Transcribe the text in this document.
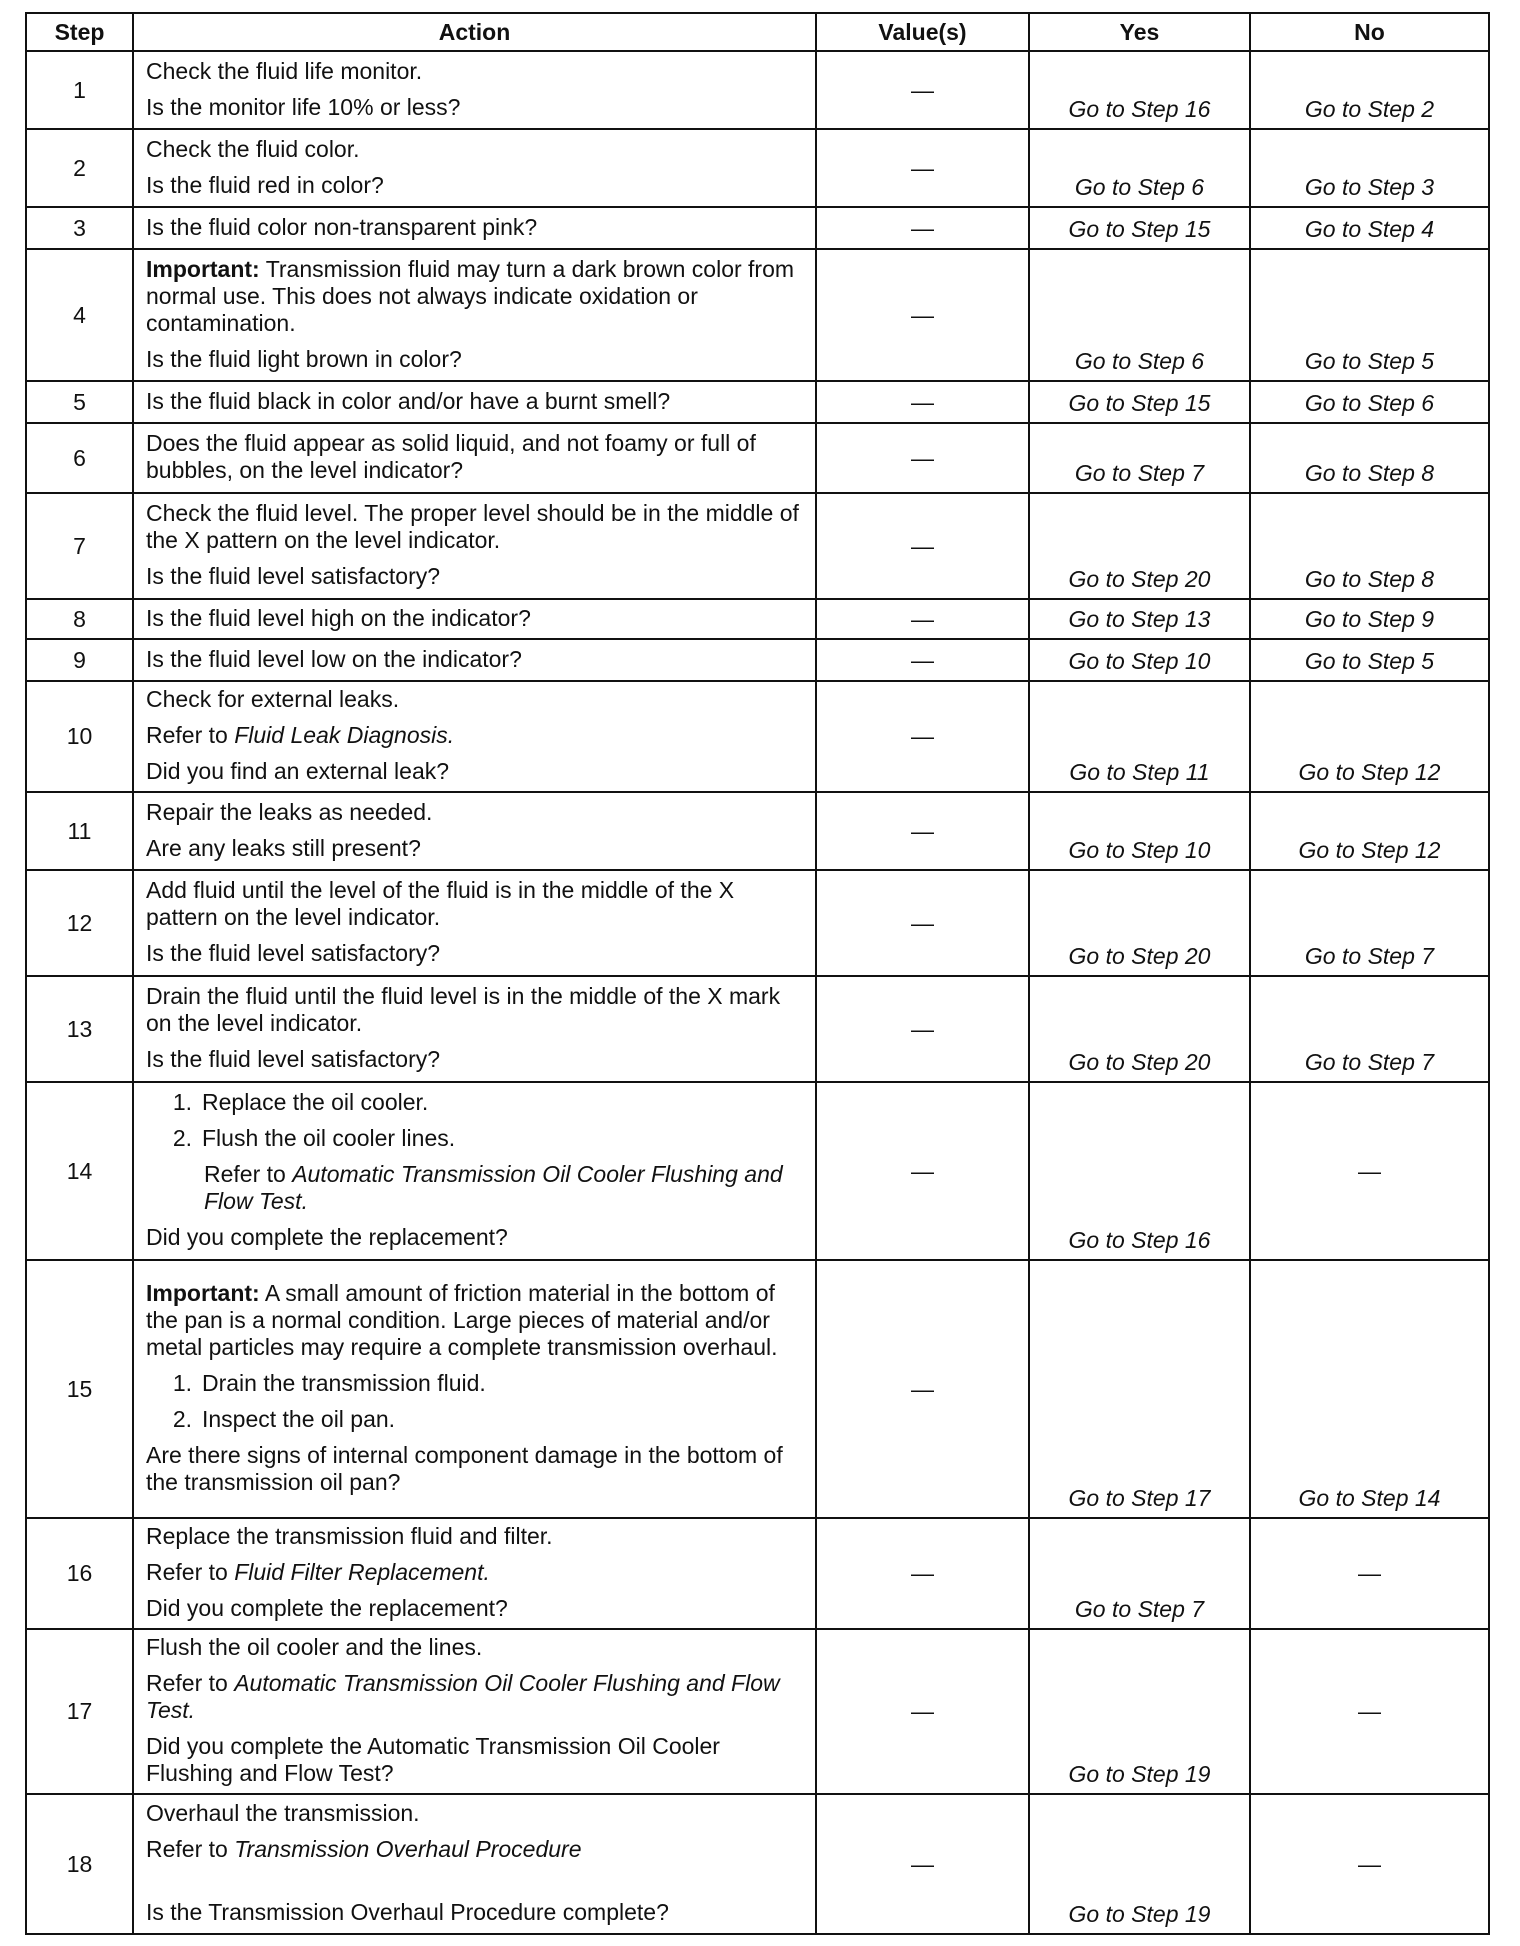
Step	Action	Value(s)	Yes	No
1	Check the fluid life monitor.
Is the monitor life 10% or less?	—	Go to Step 16	Go to Step 2
2	Check the fluid color.
Is the fluid red in color?	—	Go to Step 6	Go to Step 3
3	Is the fluid color non-transparent pink?	—	Go to Step 15	Go to Step 4
4	Important: Transmission fluid may turn a dark brown color from normal use. This does not always indicate oxidation or contamination.
Is the fluid light brown in color?	—	Go to Step 6	Go to Step 5
5	Is the fluid black in color and/or have a burnt smell?	—	Go to Step 15	Go to Step 6
6	Does the fluid appear as solid liquid, and not foamy or full of bubbles, on the level indicator?	—	Go to Step 7	Go to Step 8
7	Check the fluid level. The proper level should be in the middle of the X pattern on the level indicator.
Is the fluid level satisfactory?	—	Go to Step 20	Go to Step 8
8	Is the fluid level high on the indicator?	—	Go to Step 13	Go to Step 9
9	Is the fluid level low on the indicator?	—	Go to Step 10	Go to Step 5
10	Check for external leaks.
Refer to Fluid Leak Diagnosis.
Did you find an external leak?	—	Go to Step 11	Go to Step 12
11	Repair the leaks as needed.
Are any leaks still present?	—	Go to Step 10	Go to Step 12
12	Add fluid until the level of the fluid is in the middle of the X pattern on the level indicator.
Is the fluid level satisfactory?	—	Go to Step 20	Go to Step 7
13	Drain the fluid until the fluid level is in the middle of the X mark on the level indicator.
Is the fluid level satisfactory?	—	Go to Step 20	Go to Step 7
14	1. Replace the oil cooler.
2. Flush the oil cooler lines.
Refer to Automatic Transmission Oil Cooler Flushing and Flow Test.
Did you complete the replacement?	—	Go to Step 16	—
15	Important: A small amount of friction material in the bottom of the pan is a normal condition. Large pieces of material and/or metal particles may require a complete transmission overhaul.
1. Drain the transmission fluid.
2. Inspect the oil pan.
Are there signs of internal component damage in the bottom of the transmission oil pan?	—	Go to Step 17	Go to Step 14
16	Replace the transmission fluid and filter.
Refer to Fluid Filter Replacement.
Did you complete the replacement?	—	Go to Step 7	—
17	Flush the oil cooler and the lines.
Refer to Automatic Transmission Oil Cooler Flushing and Flow Test.
Did you complete the Automatic Transmission Oil Cooler Flushing and Flow Test?	—	Go to Step 19	—
18	Overhaul the transmission.
Refer to Transmission Overhaul Procedure
Is the Transmission Overhaul Procedure complete?	—	Go to Step 19	—
